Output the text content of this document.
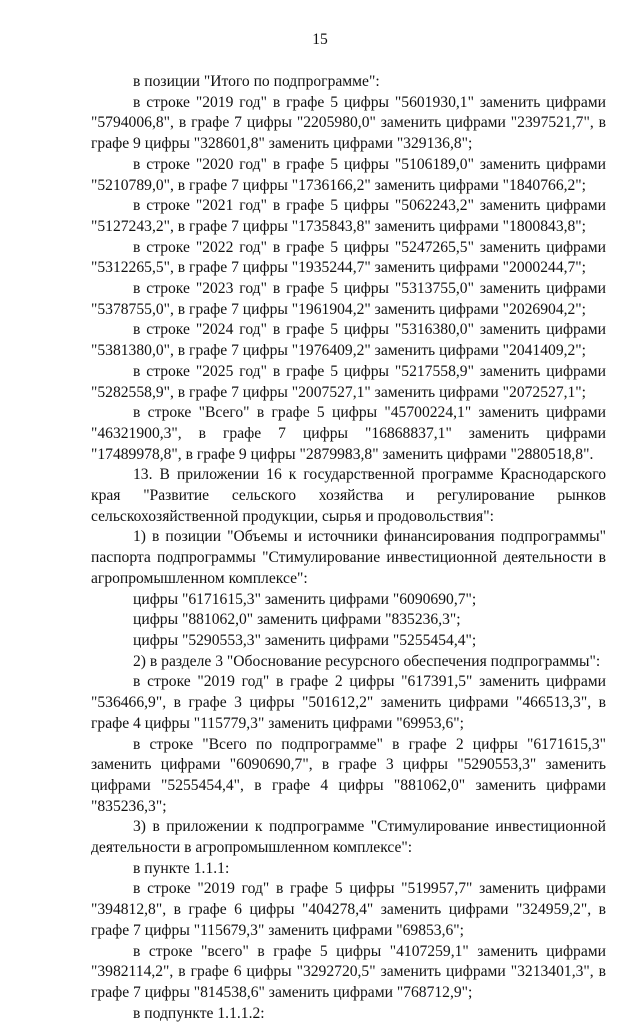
15

в позиции "Итого по подпрограмме":

в строке "2019 год" в графе 5 цифры "5601930,1" заменить цифрами "5794006,8", в графе 7 цифры "2205980,0" заменить цифрами "2397521,7", в графе 9 цифры "328601,8" заменить цифрами "329136,8";

в строке "2020 год" в графе 5 цифры "5106189,0" заменить цифрами "5210789,0", в графе 7 цифры "1736166,2" заменить цифрами "1840766,2";

в строке "2021 год" в графе 5 цифры "5062243,2" заменить цифрами "5127243,2", в графе 7 цифры "1735843,8" заменить цифрами "1800843,8";

в строке "2022 год" в графе 5 цифры "5247265,5" заменить цифрами "5312265,5", в графе 7 цифры "1935244,7" заменить цифрами "2000244,7";

в строке "2023 год" в графе 5 цифры "5313755,0" заменить цифрами "5378755,0", в графе 7 цифры "1961904,2" заменить цифрами "2026904,2";

в строке "2024 год" в графе 5 цифры "5316380,0" заменить цифрами "5381380,0", в графе 7 цифры "1976409,2" заменить цифрами "2041409,2";

в строке "2025 год" в графе 5 цифры "5217558,9" заменить цифрами "5282558,9", в графе 7 цифры "2007527,1" заменить цифрами "2072527,1";

в строке "Всего" в графе 5 цифры "45700224,1" заменить цифрами "46321900,3", в графе 7 цифры "16868837,1" заменить цифрами "17489978,8", в графе 9 цифры "2879983,8" заменить цифрами "2880518,8".

13. В приложении 16 к государственной программе Краснодарского края "Развитие сельского хозяйства и регулирование рынков сельскохозяйственной продукции, сырья и продовольствия":

1) в позиции "Объемы и источники финансирования подпрограммы" паспорта подпрограммы "Стимулирование инвестиционной деятельности в агропромышленном комплексе":

цифры "6171615,3" заменить цифрами "6090690,7";

цифры "881062,0" заменить цифрами "835236,3";

цифры "5290553,3" заменить цифрами "5255454,4";

2) в разделе 3 "Обоснование ресурсного обеспечения подпрограммы":

в строке "2019 год" в графе 2 цифры "617391,5" заменить цифрами "536466,9", в графе 3 цифры "501612,2" заменить цифрами "466513,3", в графе 4 цифры "115779,3" заменить цифрами "69953,6";

в строке "Всего по подпрограмме" в графе 2 цифры "6171615,3" заменить цифрами "6090690,7", в графе 3 цифры "5290553,3" заменить цифрами "5255454,4", в графе 4 цифры "881062,0" заменить цифрами "835236,3";

3) в приложении к подпрограмме "Стимулирование инвестиционной деятельности в агропромышленном комплексе":

в пункте 1.1.1:

в строке "2019 год" в графе 5 цифры "519957,7" заменить цифрами "394812,8", в графе 6 цифры "404278,4" заменить цифрами "324959,2", в графе 7 цифры "115679,3" заменить цифрами "69853,6";

в строке "всего" в графе 5 цифры "4107259,1" заменить цифрами "3982114,2", в графе 6 цифры "3292720,5" заменить цифрами "3213401,3", в графе 7 цифры "814538,6" заменить цифрами "768712,9";

в подпункте 1.1.1.2:
